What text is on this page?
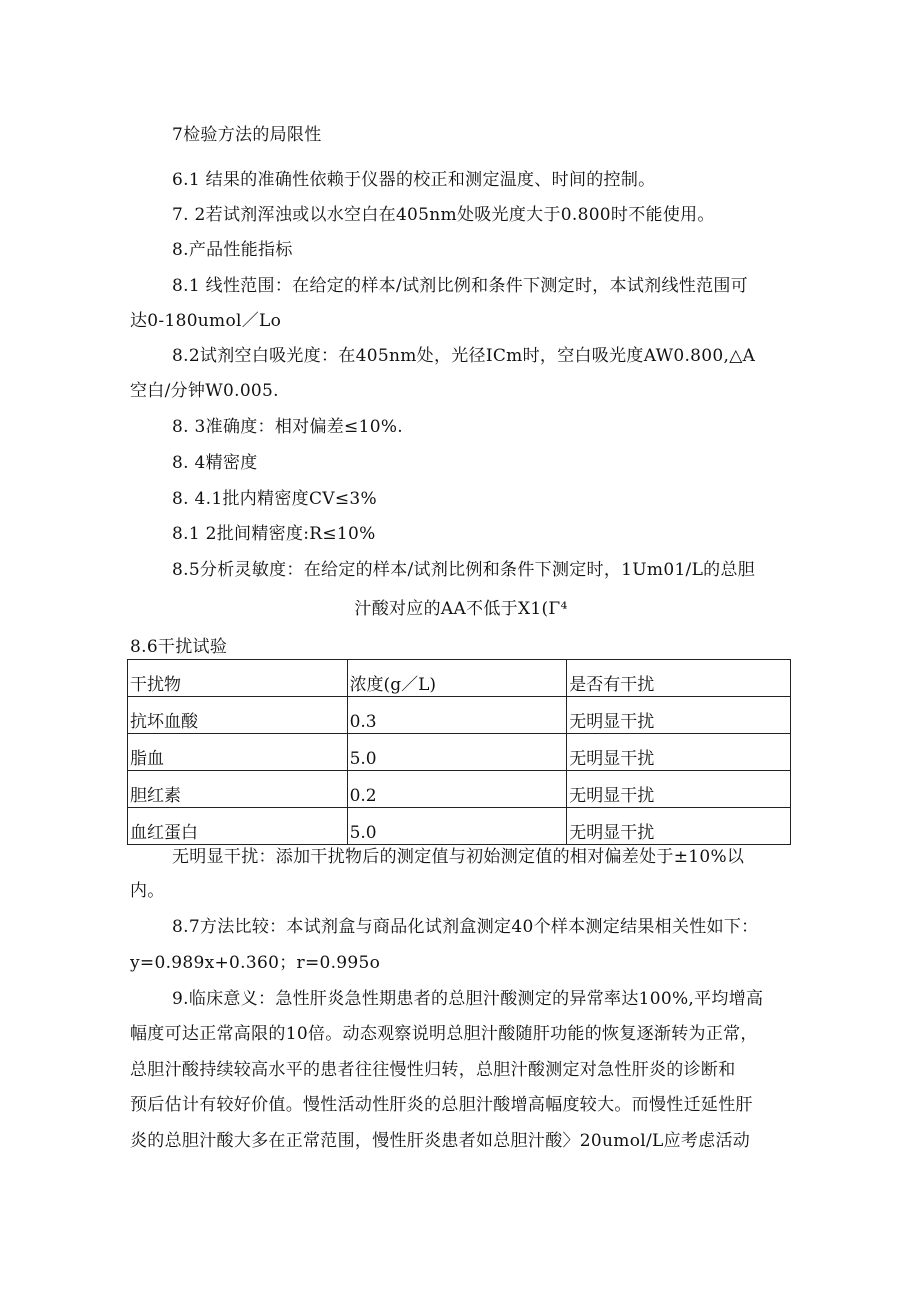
7检验方法的局限性
6.1 结果的准确性依赖于仪器的校正和测定温度、时间的控制。
7. 2若试剂浑浊或以水空白在405nm处吸光度大于0.800时不能使用。
8.产品性能指标
8.1 线性范围：在给定的样本/试剂比例和条件下测定时，本试剂线性范围可
达0-180umol／Lo
8.2试剂空白吸光度：在405nm处，光径ICm时，空白吸光度AW0.800,△A
空白/分钟W0.005.
8. 3准确度：相对偏差≤10%.
8. 4精密度
8. 4.1批内精密度CV≤3%
8.1 2批间精密度:R≤10%
8.5分析灵敏度：在给定的样本/试剂比例和条件下测定时，1Um01/L的总胆
汁酸对应的AA不低于X1(Γ⁴
8.6干扰试验
干扰物	浓度(g／L)	是否有干扰
抗坏血酸	0.3	无明显干扰
脂血	5.0	无明显干扰
胆红素	0.2	无明显干扰
血红蛋白	5.0	无明显干扰
无明显干扰：添加干扰物后的测定值与初始测定值的相对偏差处于±10%以
内。
8.7方法比较：本试剂盒与商品化试剂盒测定40个样本测定结果相关性如下：
y=0.989x+0.360；r=0.995o
9.临床意义：急性肝炎急性期患者的总胆汁酸测定的异常率达100%,平均增高
幅度可达正常高限的10倍。动态观察说明总胆汁酸随肝功能的恢复逐渐转为正常，
总胆汁酸持续较高水平的患者往往慢性归转，总胆汁酸测定对急性肝炎的诊断和
预后估计有较好价值。慢性活动性肝炎的总胆汁酸增高幅度较大。而慢性迁延性肝
炎的总胆汁酸大多在正常范围，慢性肝炎患者如总胆汁酸〉20umol/L应考虑活动
